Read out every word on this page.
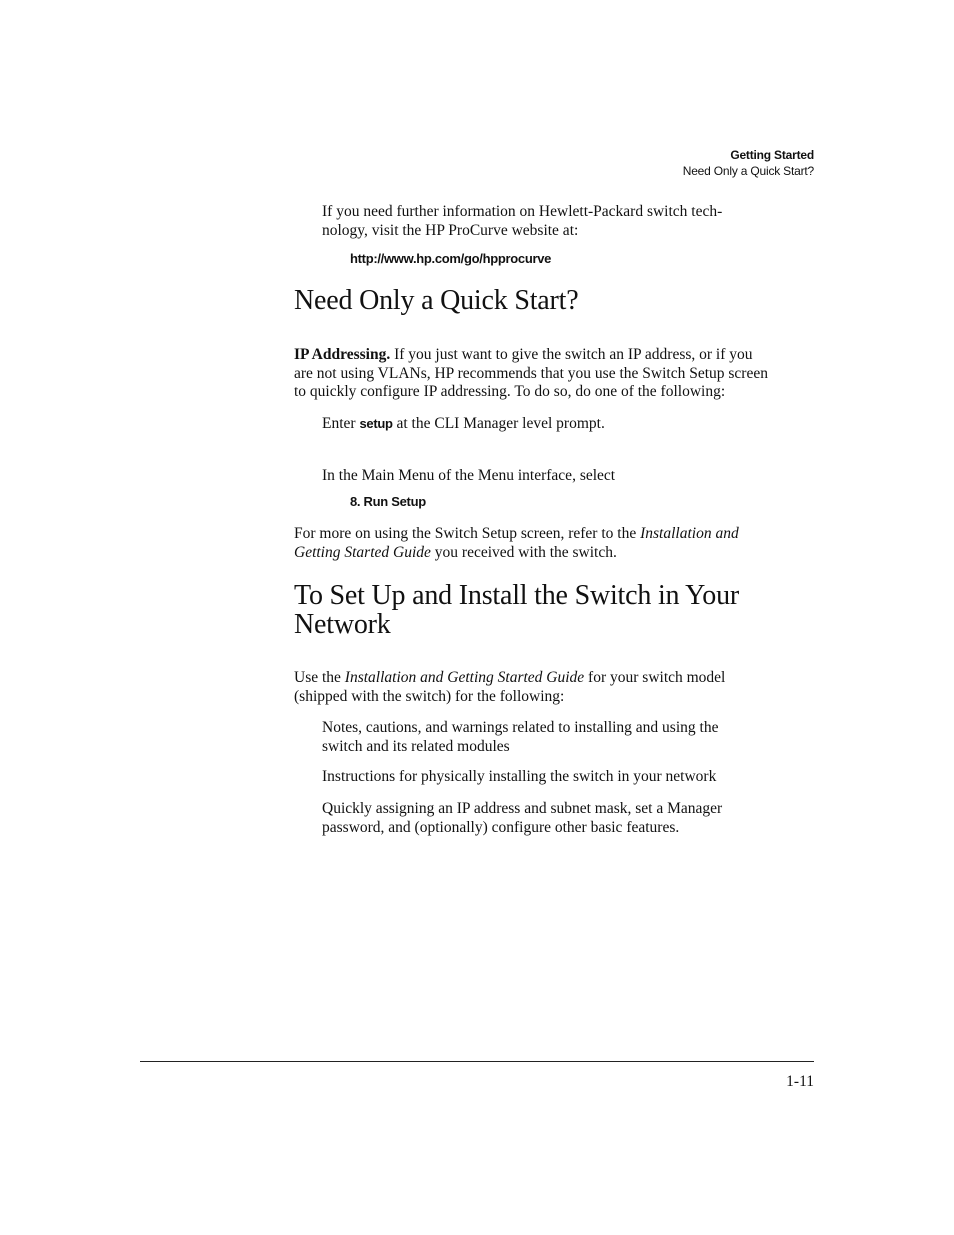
Getting Started
Need Only a Quick Start?
If you need further information on Hewlett-Packard switch tech-
nology, visit the HP ProCurve website at:
http://www.hp.com/go/hpprocurve
Need Only a Quick Start?
IP Addressing. If you just want to give the switch an IP address, or if you
are not using VLANs, HP recommends that you use the Switch Setup screen
to quickly configure IP addressing. To do so, do one of the following:
Enter setup at the CLI Manager level prompt.
In the Main Menu of the Menu interface, select
8. Run Setup
For more on using the Switch Setup screen, refer to the Installation and
Getting Started Guide you received with the switch.
To Set Up and Install the Switch in Your
Network
Use the Installation and Getting Started Guide for your switch model
(shipped with the switch) for the following:
Notes, cautions, and warnings related to installing and using the
switch and its related modules
Instructions for physically installing the switch in your network
Quickly assigning an IP address and subnet mask, set a Manager
password, and (optionally) configure other basic features.
1-11
